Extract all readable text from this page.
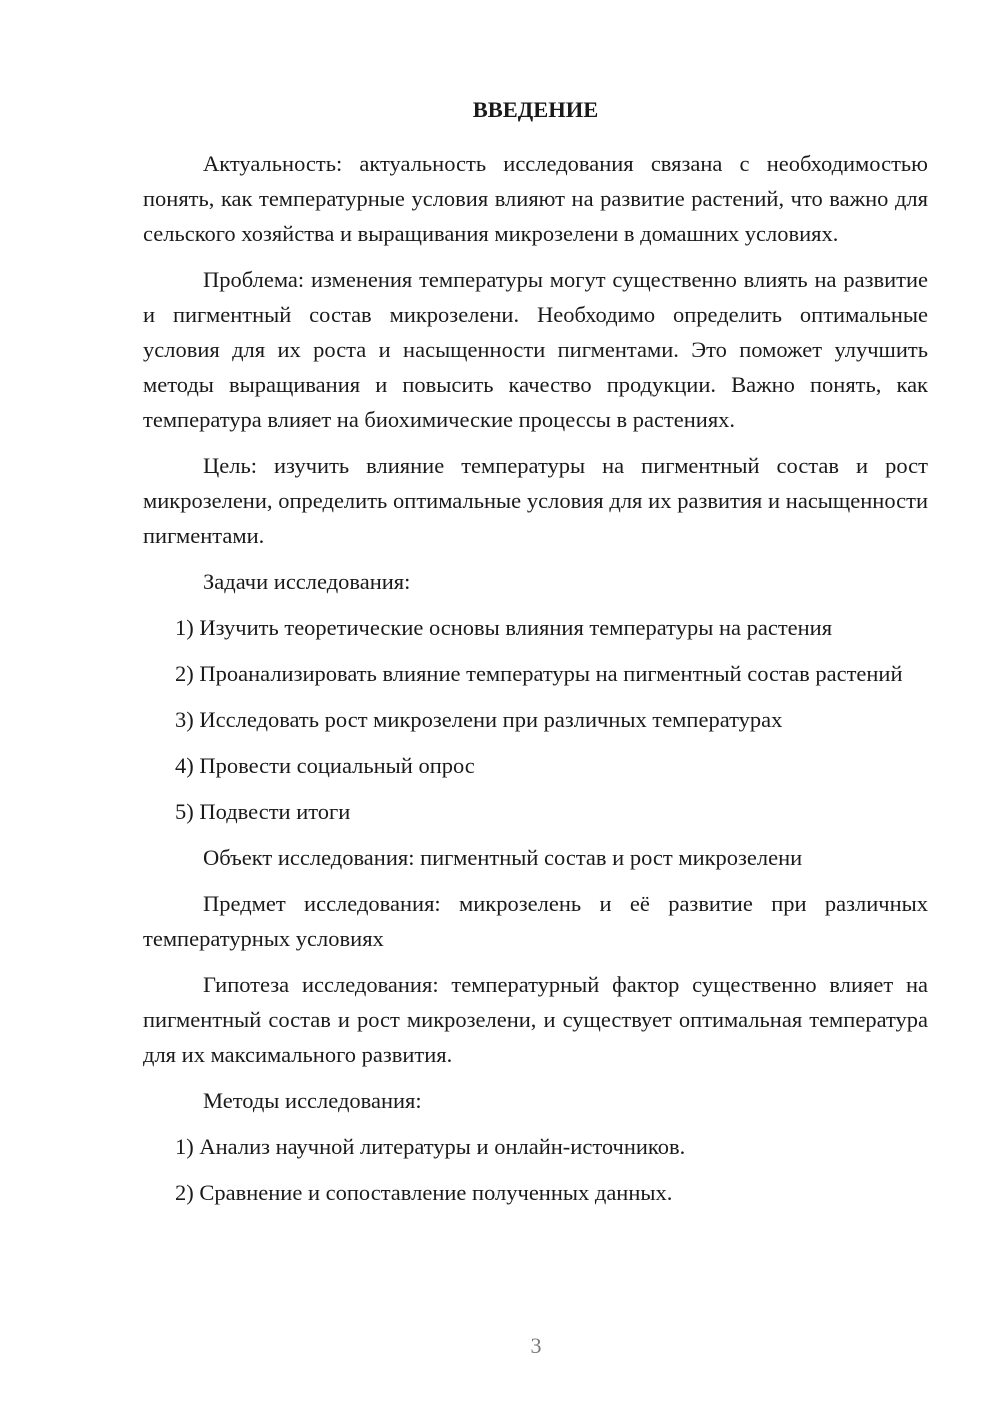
ВВЕДЕНИЕ

Актуальность: актуальность исследования связана с необходимостью понять, как температурные условия влияют на развитие растений, что важно для сельского хозяйства и выращивания микрозелени в домашних условиях.

Проблема: изменения температуры могут существенно влиять на развитие и пигментный состав микрозелени. Необходимо определить оптимальные условия для их роста и насыщенности пигментами. Это поможет улучшить методы выращивания и повысить качество продукции. Важно понять, как температура влияет на биохимические процессы в растениях.

Цель: изучить влияние температуры на пигментный состав и рост микрозелени, определить оптимальные условия для их развития и насыщенности пигментами.

Задачи исследования:

1) Изучить теоретические основы влияния температуры на растения

2) Проанализировать влияние температуры на пигментный состав растений

3) Исследовать рост микрозелени при различных температурах

4) Провести социальный опрос

5) Подвести итоги

Объект исследования: пигментный состав и рост микрозелени

Предмет исследования: микрозелень и её развитие при различных температурных условиях

Гипотеза исследования: температурный фактор существенно влияет на пигментный состав и рост микрозелени, и существует оптимальная температура для их максимального развития.

Методы исследования:

1) Анализ научной литературы и онлайн-источников.

2) Сравнение и сопоставление полученных данных.

3
